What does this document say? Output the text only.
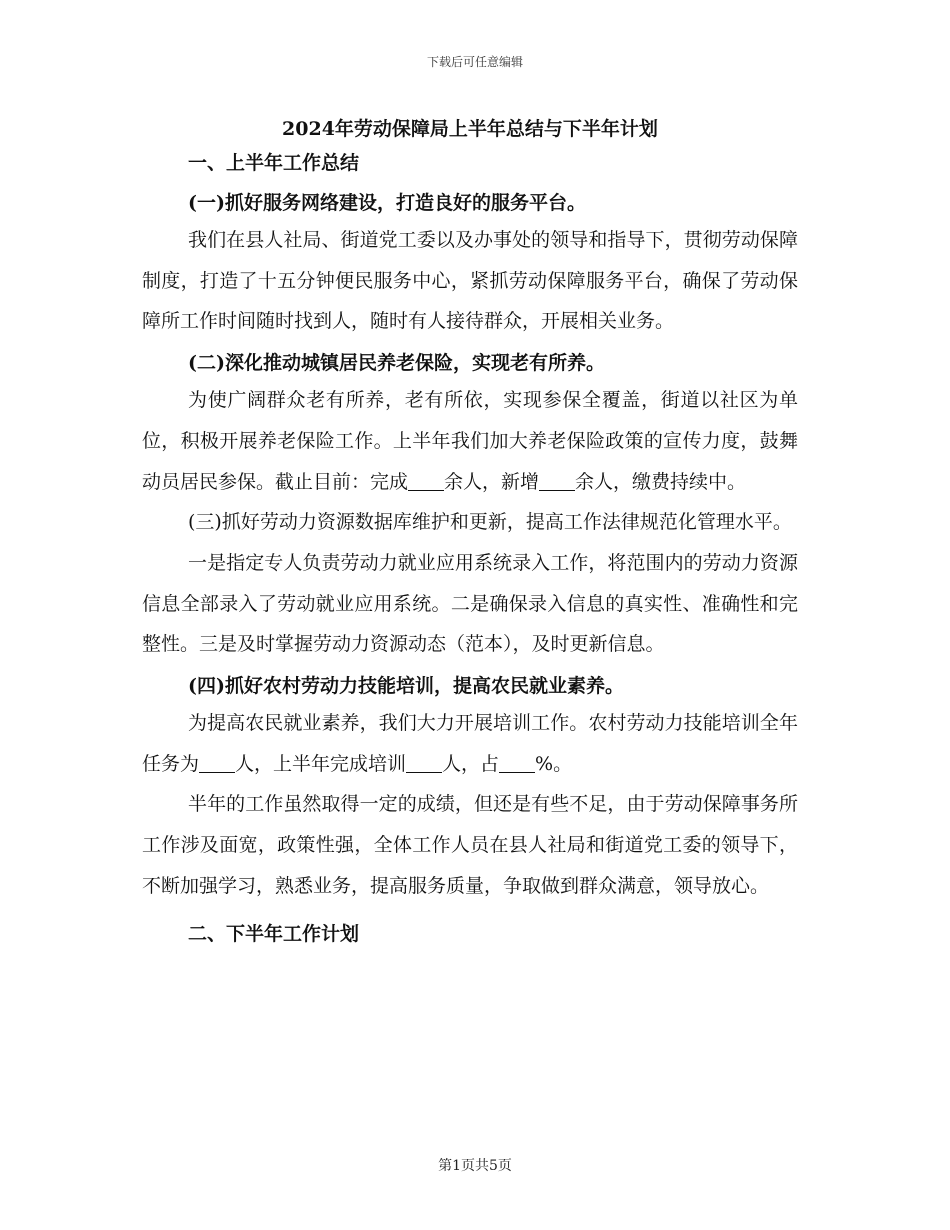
下载后可任意编辑
2024年劳动保障局上半年总结与下半年计划
一、上半年工作总结
(一)抓好服务网络建设，打造良好的服务平台。

我们在县人社局、街道党工委以及办事处的领导和指导下，贯彻劳动保障制度，打造了十五分钟便民服务中心，紧抓劳动保障服务平台，确保了劳动保障所工作时间随时找到人，随时有人接待群众，开展相关业务。

(二)深化推动城镇居民养老保险，实现老有所养。

为使广阔群众老有所养，老有所依，实现参保全覆盖，街道以社区为单位，积极开展养老保险工作。上半年我们加大养老保险政策的宣传力度，鼓舞动员居民参保。截止目前：完成 余人，新增 余人，缴费持续中。

(三)抓好劳动力资源数据库维护和更新，提高工作法律规范化管理水平。

一是指定专人负责劳动力就业应用系统录入工作，将范围内的劳动力资源信息全部录入了劳动就业应用系统。二是确保录入信息的真实性、准确性和完整性。三是及时掌握劳动力资源动态（范本），及时更新信息。

(四)抓好农村劳动力技能培训，提高农民就业素养。

为提高农民就业素养，我们大力开展培训工作。农村劳动力技能培训全年任务为 人，上半年完成培训 人，占 %。

半年的工作虽然取得一定的成绩，但还是有些不足，由于劳动保障事务所工作涉及面宽，政策性强，全体工作人员在县人社局和街道党工委的领导下，不断加强学习，熟悉业务，提高服务质量，争取做到群众满意，领导放心。

二、下半年工作计划
第1页共5页
